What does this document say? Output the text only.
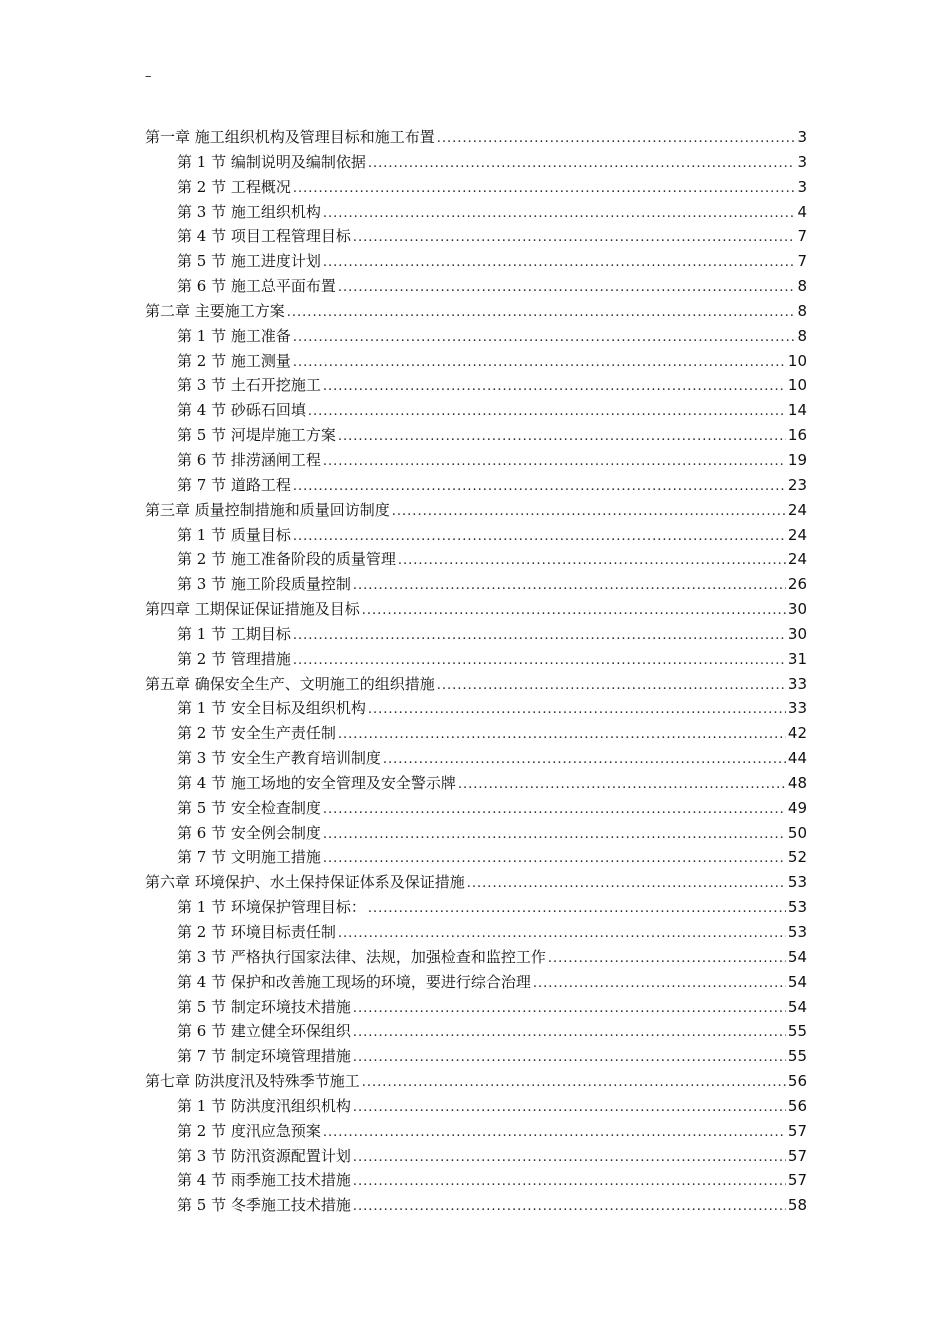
–
第一章 施工组织机构及管理目标和施工布置 .....	3
第 1 节 编制说明及编制依据 .....	3
第 2 节 工程概况 .....	3
第 3 节 施工组织机构 .....	4
第 4 节 项目工程管理目标 .....	7
第 5 节 施工进度计划 .....	7
第 6 节 施工总平面布置 .....	8
第二章 主要施工方案 .....	8
第 1 节 施工准备 .....	8
第 2 节 施工测量 .....	10
第 3 节 土石开挖施工 .....	10
第 4 节 砂砾石回填 .....	14
第 5 节 河堤岸施工方案 .....	16
第 6 节 排涝涵闸工程 .....	19
第 7 节 道路工程 .....	23
第三章 质量控制措施和质量回访制度 .....	24
第 1 节 质量目标 .....	24
第 2 节 施工准备阶段的质量管理 .....	24
第 3 节 施工阶段质量控制 .....	26
第四章 工期保证保证措施及目标 .....	30
第 1 节 工期目标 .....	30
第 2 节 管理措施 .....	31
第五章 确保安全生产、文明施工的组织措施 .....	33
第 1 节 安全目标及组织机构 .....	33
第 2 节 安全生产责任制 .....	42
第 3 节 安全生产教育培训制度 .....	44
第 4 节 施工场地的安全管理及安全警示牌 .....	48
第 5 节 安全检查制度 .....	49
第 6 节 安全例会制度 .....	50
第 7 节 文明施工措施 .....	52
第六章 环境保护、水土保持保证体系及保证措施 .....	53
第 1 节 环境保护管理目标： .....	53
第 2 节 环境目标责任制 .....	53
第 3 节 严格执行国家法律、法规，加强检查和监控工作 .....	54
第 4 节 保护和改善施工现场的环境，要进行综合治理 .....	54
第 5 节 制定环境技术措施 .....	54
第 6 节 建立健全环保组织 .....	55
第 7 节 制定环境管理措施 .....	55
第七章 防洪度汛及特殊季节施工 .....	56
第 1 节 防洪度汛组织机构 .....	56
第 2 节 度汛应急预案 .....	57
第 3 节 防汛资源配置计划 .....	57
第 4 节 雨季施工技术措施 .....	57
第 5 节 冬季施工技术措施 .....	58
